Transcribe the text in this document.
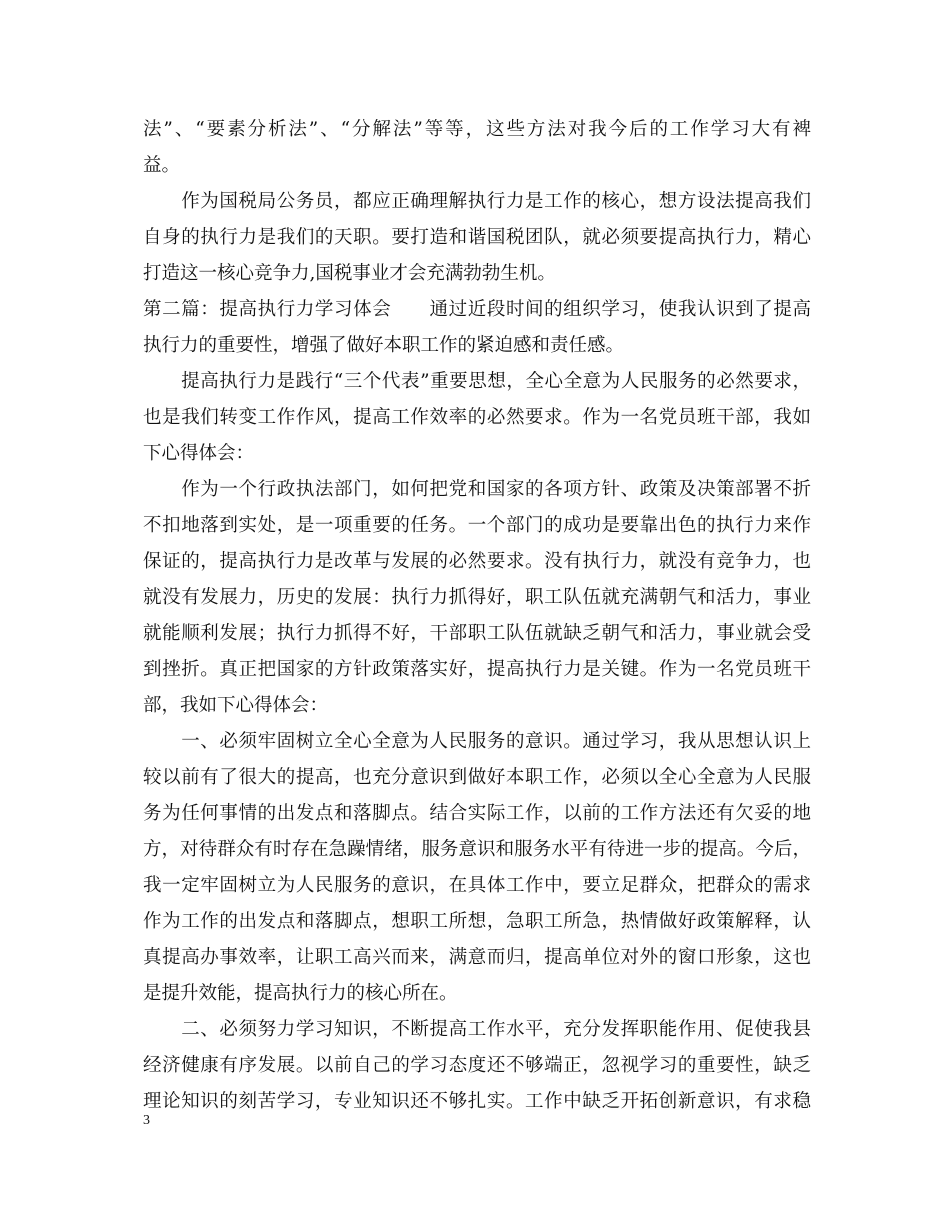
法”、“要素分析法”、“分解法”等等，这些方法对我今后的工作学习大有裨
益。
　　作为国税局公务员，都应正确理解执行力是工作的核心，想方设法提高我们
自身的执行力是我们的天职。要打造和谐国税团队，就必须要提高执行力，精心
打造这一核心竞争力,国税事业才会充满勃勃生机。
第二篇：提高执行力学习体会　　通过近段时间的组织学习，使我认识到了提高
执行力的重要性，增强了做好本职工作的紧迫感和责任感。
　　提高执行力是践行“三个代表”重要思想，全心全意为人民服务的必然要求，
也是我们转变工作作风，提高工作效率的必然要求。作为一名党员班干部，我如
下心得体会：
　　作为一个行政执法部门，如何把党和国家的各项方针、政策及决策部署不折
不扣地落到实处，是一项重要的任务。一个部门的成功是要靠出色的执行力来作
保证的，提高执行力是改革与发展的必然要求。没有执行力，就没有竞争力，也
就没有发展力，历史的发展：执行力抓得好，职工队伍就充满朝气和活力，事业
就能顺利发展；执行力抓得不好，干部职工队伍就缺乏朝气和活力，事业就会受
到挫折。真正把国家的方针政策落实好，提高执行力是关键。作为一名党员班干
部，我如下心得体会：
　　一、必须牢固树立全心全意为人民服务的意识。通过学习，我从思想认识上
较以前有了很大的提高，也充分意识到做好本职工作，必须以全心全意为人民服
务为任何事情的出发点和落脚点。结合实际工作，以前的工作方法还有欠妥的地
方，对待群众有时存在急躁情绪，服务意识和服务水平有待进一步的提高。今后，
我一定牢固树立为人民服务的意识，在具体工作中，要立足群众，把群众的需求
作为工作的出发点和落脚点，想职工所想，急职工所急，热情做好政策解释，认
真提高办事效率，让职工高兴而来，满意而归，提高单位对外的窗口形象，这也
是提升效能，提高执行力的核心所在。
　　二、必须努力学习知识，不断提高工作水平，充分发挥职能作用、促使我县
经济健康有序发展。以前自己的学习态度还不够端正，忽视学习的重要性，缺乏
理论知识的刻苦学习，专业知识还不够扎实。工作中缺乏开拓创新意识，有求稳
3
